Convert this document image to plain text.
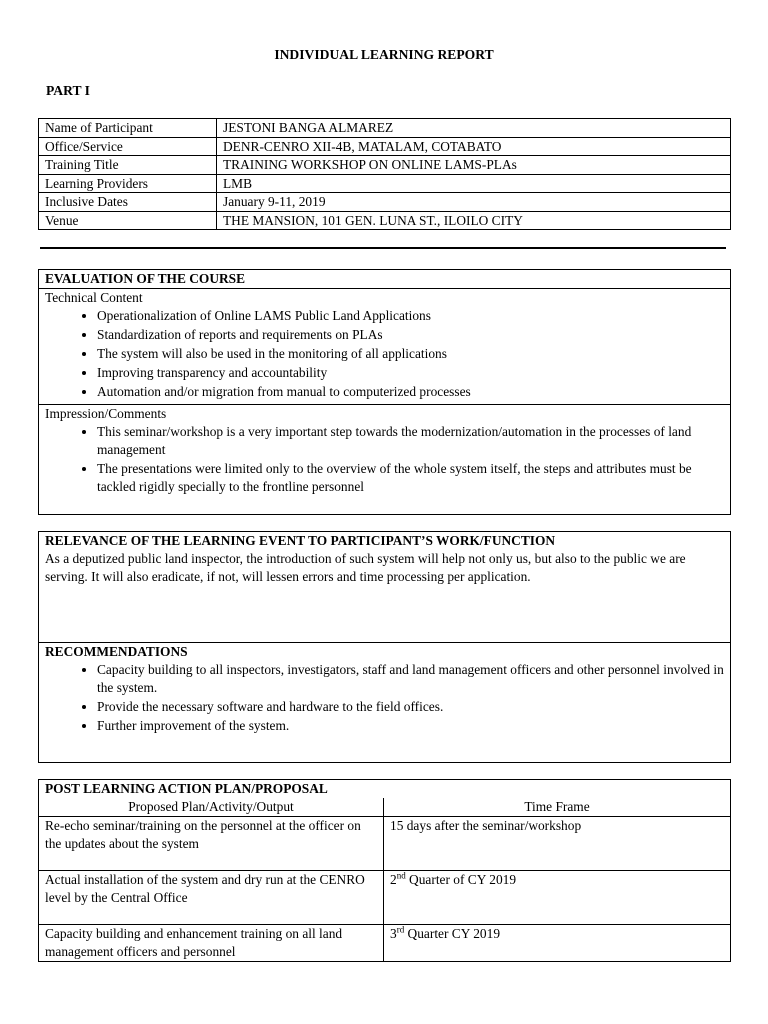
INDIVIDUAL LEARNING REPORT
PART I
Name of Participant	JESTONI BANGA ALMAREZ
Office/Service	DENR-CENRO XII-4B, MATALAM, COTABATO
Training Title	TRAINING WORKSHOP ON ONLINE LAMS-PLAs
Learning Providers	LMB
Inclusive Dates	January 9-11, 2019
Venue	THE MANSION, 101 GEN. LUNA ST., ILOILO CITY
EVALUATION OF THE COURSE

Technical Content

• Operationalization of Online LAMS Public Land Applications
• Standardization of reports and requirements on PLAs
• The system will also be used in the monitoring of all applications
• Improving transparency and accountability
• Automation and/or migration from manual to computerized processes

Impression/Comments

• This seminar/workshop is a very important step towards the modernization/automation in the processes of land management
• The presentations were limited only to the overview of the whole system itself, the steps and attributes must be tackled rigidly specially to the frontline personnel
RELEVANCE OF THE LEARNING EVENT TO PARTICIPANT’S WORK/FUNCTION

As a deputized public land inspector, the introduction of such system will help not only us, but also to the public we are serving. It will also eradicate, if not, will lessen errors and time processing per application.

RECOMMENDATIONS
• Capacity building to all inspectors, investigators, staff and land management officers and other personnel involved in the system.
• Provide the necessary software and hardware to the field offices.
• Further improvement of the system.
POST LEARNING ACTION PLAN/PROPOSAL
Proposed Plan/Activity/Output	Time Frame
Re-echo seminar/training on the personnel at the officer on the updates about the system	15 days after the seminar/workshop
Actual installation of the system and dry run at the CENRO level by the Central Office	2nd Quarter of CY 2019
Capacity building and enhancement training on all land management officers and personnel	3rd Quarter CY 2019
